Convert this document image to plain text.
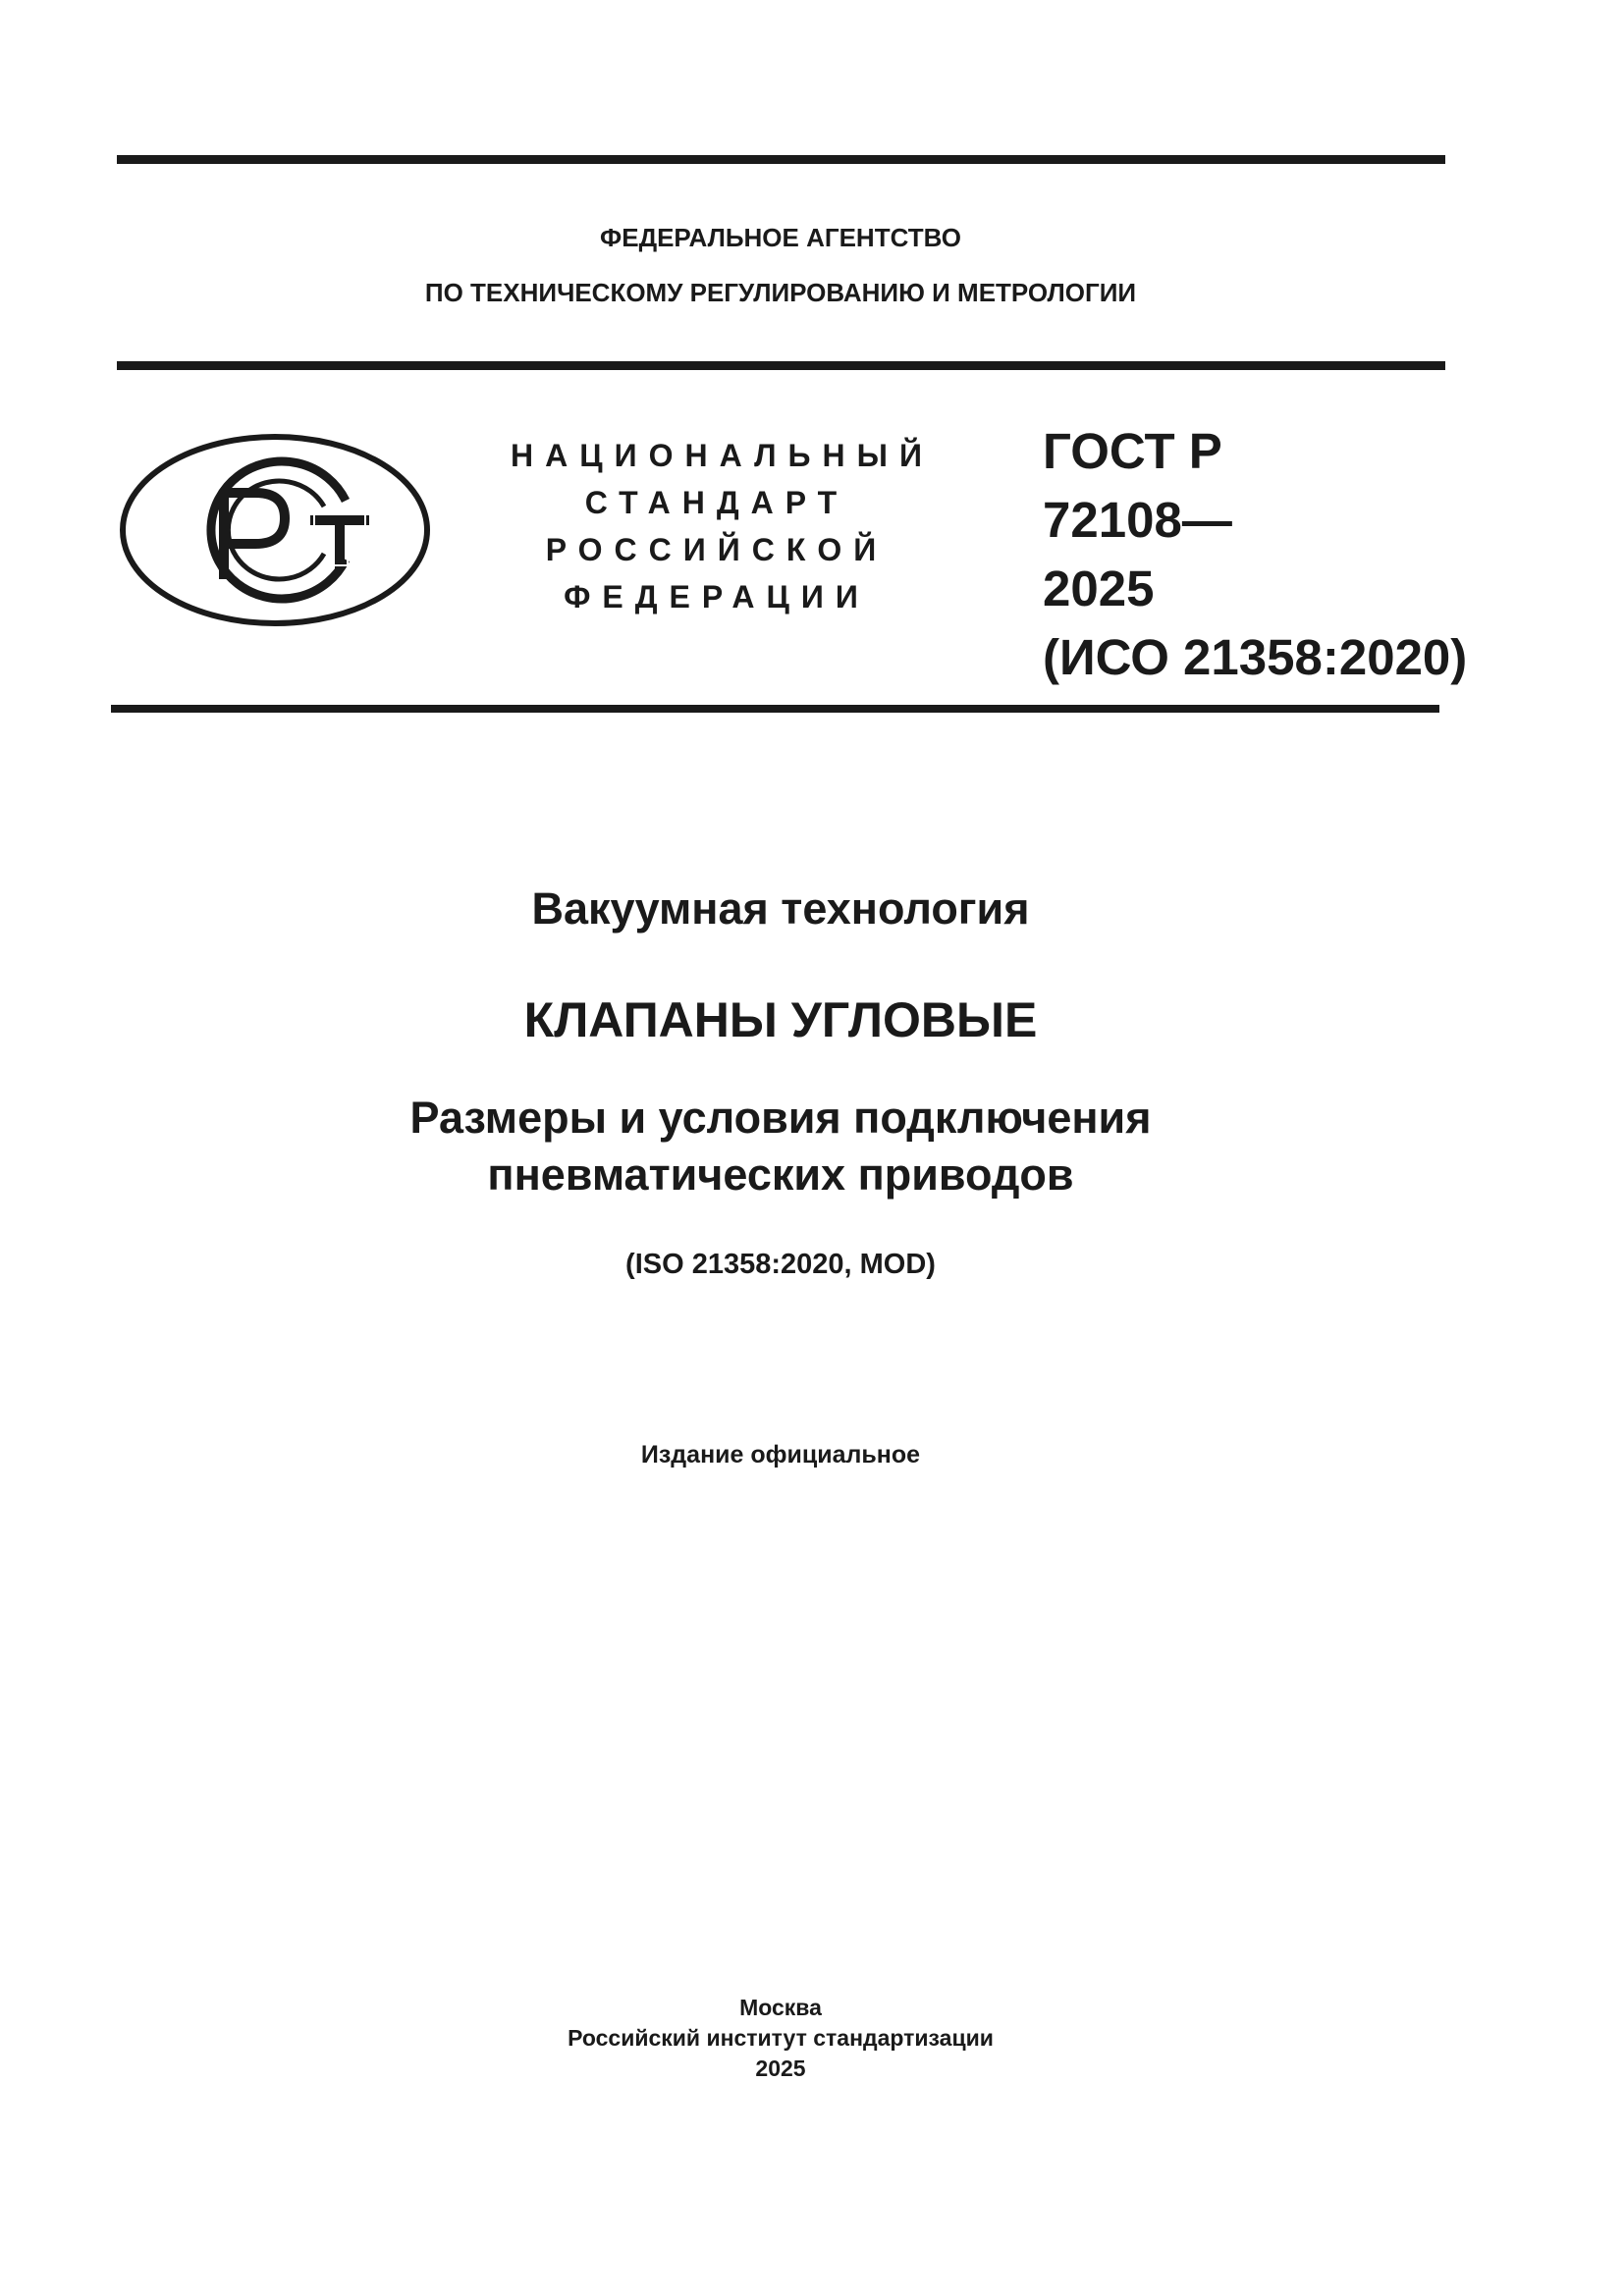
ФЕДЕРАЛЬНОЕ АГЕНТСТВО
ПО ТЕХНИЧЕСКОМУ РЕГУЛИРОВАНИЮ И МЕТРОЛОГИИ
НАЦИОНАЛЬНЫЙ
СТАНДАРТ
РОССИЙСКОЙ
ФЕДЕРАЦИИ
ГОСТ Р
72108—
2025
(ИСО 21358:2020)
Вакуумная технология
КЛАПАНЫ УГЛОВЫЕ
Размеры и условия подключения
пневматических приводов
(ISO 21358:2020, MOD)
Издание официальное
Москва
Российский институт стандартизации
2025
